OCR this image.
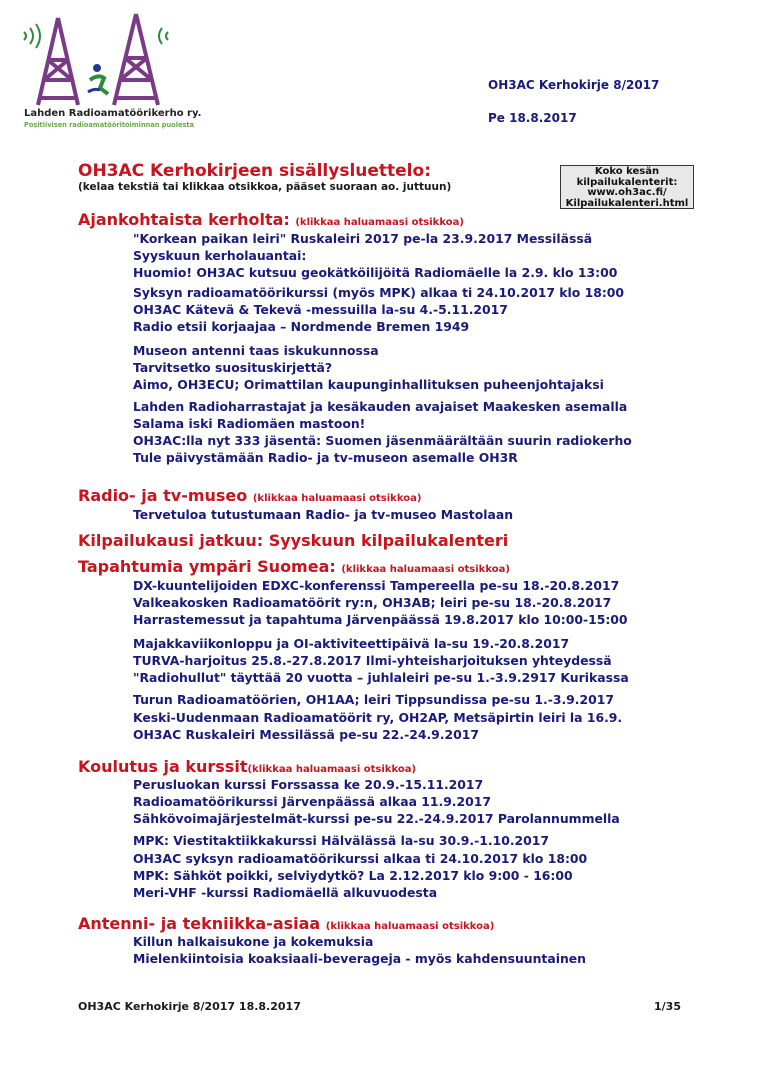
Lahden Radioamatöörikerho ry.
Positiivisen radioamatööritoiminnan puolesta
OH3AC Kerhokirje 8/2017
Pe 18.8.2017
Koko kesän
kilpailukalenterit:
www.oh3ac.fi/
Kilpailukalenteri.html
OH3AC Kerhokirjeen sisällysluettelo:
(kelaa tekstiä tai klikkaa otsikkoa, pääset suoraan ao. juttuun)
Ajankohtaista kerholta: (klikkaa haluamaasi otsikkoa)
"Korkean paikan leiri" Ruskaleiri 2017 pe-la 23.9.2017 Messilässä
Syyskuun kerholauantai:
Huomio! OH3AC kutsuu geokätköilijöitä Radiomäelle la 2.9. klo 13:00
Syksyn radioamatöörikurssi (myös MPK) alkaa ti 24.10.2017 klo 18:00
OH3AC Kätevä & Tekevä -messuilla la-su 4.-5.11.2017
Radio etsii korjaajaa – Nordmende Bremen 1949
Museon antenni taas iskukunnossa
Tarvitsetko suosituskirjettä?
Aimo, OH3ECU; Orimattilan kaupunginhallituksen puheenjohtajaksi
Lahden Radioharrastajat ja kesäkauden avajaiset Maakesken asemalla
Salama iski Radiomäen mastoon!
OH3AC:lla nyt 333 jäsentä: Suomen jäsenmäärältään suurin radiokerho
Tule päivystämään Radio- ja tv-museon asemalle OH3R
Radio- ja tv-museo (klikkaa haluamaasi otsikkoa)
Tervetuloa tutustumaan Radio- ja tv-museo Mastolaan
Kilpailukausi jatkuu: Syyskuun kilpailukalenteri
Tapahtumia ympäri Suomea: (klikkaa haluamaasi otsikkoa)
DX-kuuntelijoiden EDXC-konferenssi Tampereella pe-su 18.-20.8.2017
Valkeakosken Radioamatöörit ry:n, OH3AB; leiri pe-su 18.-20.8.2017
Harrastemessut ja tapahtuma Järvenpäässä 19.8.2017 klo 10:00-15:00
Majakkaviikonloppu ja OI-aktiviteettipäivä la-su 19.-20.8.2017
TURVA-harjoitus 25.8.-27.8.2017 Ilmi-yhteisharjoituksen yhteydessä
"Radiohullut" täyttää 20 vuotta – juhlaleiri pe-su 1.-3.9.2917 Kurikassa
Turun Radioamatöörien, OH1AA; leiri Tippsundissa pe-su 1.-3.9.2017
Keski-Uudenmaan Radioamatöörit ry, OH2AP, Metsäpirtin leiri la 16.9.
OH3AC Ruskaleiri Messilässä pe-su 22.-24.9.2017
Koulutus ja kurssit(klikkaa haluamaasi otsikkoa)
Perusluokan kurssi Forssassa ke 20.9.-15.11.2017
Radioamatöörikurssi Järvenpäässä alkaa 11.9.2017
Sähkövoimajärjestelmät-kurssi pe-su 22.-24.9.2017 Parolannummella
MPK: Viestitaktiikkakurssi Hälvälässä la-su 30.9.-1.10.2017
OH3AC syksyn radioamatöörikurssi alkaa ti 24.10.2017 klo 18:00
MPK: Sähköt poikki, selviydytkö? La 2.12.2017 klo 9:00 - 16:00
Meri-VHF -kurssi Radiomäellä alkuvuodesta
Antenni- ja tekniikka-asiaa (klikkaa haluamaasi otsikkoa)
Killun halkaisukone ja kokemuksia
Mielenkiintoisia koaksiaali-beverageja - myös kahdensuuntainen
OH3AC Kerhokirje 8/2017 18.8.2017	1/35
